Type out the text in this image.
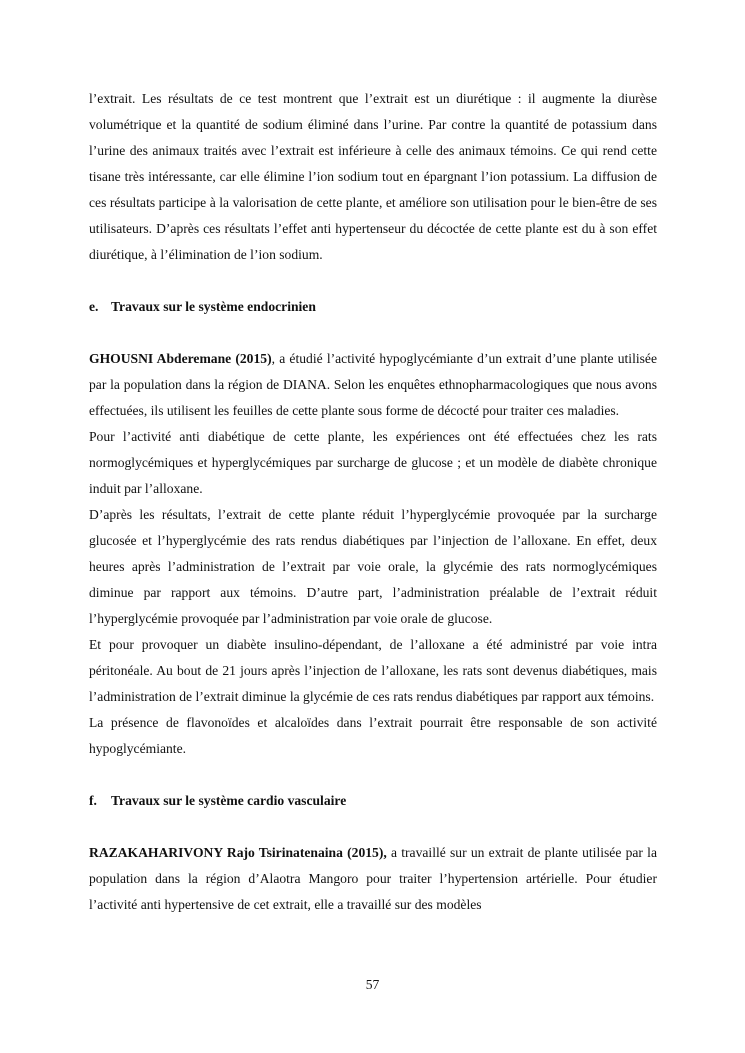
l’extrait. Les résultats de ce test montrent que l’extrait est un diurétique : il augmente la diurèse volumétrique et la quantité de sodium éliminé dans l’urine. Par contre la quantité de potassium dans l’urine des animaux traités avec l’extrait est inférieure à celle des animaux témoins. Ce qui rend cette tisane très intéressante, car elle élimine l’ion sodium tout en épargnant l’ion potassium. La diffusion de ces résultats participe à la valorisation de cette plante, et améliore son utilisation pour le bien-être de ses utilisateurs. D’après ces résultats l’effet anti hypertenseur du décoctée de cette plante est du à son effet diurétique, à l’élimination de l’ion sodium.

e. Travaux sur le système endocrinien

GHOUSNI Abderemane (2015), a étudié l’activité hypoglycémiante d’un extrait d’une plante utilisée par la population dans la région de DIANA. Selon les enquêtes ethnopharmacologiques que nous avons effectuées, ils utilisent les feuilles de cette plante sous forme de décocté pour traiter ces maladies.

Pour l’activité anti diabétique de cette plante, les expériences ont été effectuées chez les rats normoglycémiques et hyperglycémiques par surcharge de glucose ; et un modèle de diabète chronique induit par l’alloxane.

D’après les résultats, l’extrait de cette plante réduit l’hyperglycémie provoquée par la surcharge glucosée et l’hyperglycémie des rats rendus diabétiques par l’injection de l’alloxane. En effet, deux heures après l’administration de l’extrait par voie orale, la glycémie des rats normoglycémiques diminue par rapport aux témoins. D’autre part, l’administration préalable de l’extrait réduit l’hyperglycémie provoquée par l’administration par voie orale de glucose.

Et pour provoquer un diabète insulino-dépendant, de l’alloxane a été administré par voie intra péritonéale. Au bout de 21 jours après l’injection de l’alloxane, les rats sont devenus diabétiques, mais l’administration de l’extrait diminue la glycémie de ces rats rendus diabétiques par rapport aux témoins.

La présence de flavonoïdes et alcaloïdes dans l’extrait pourrait être responsable de son activité hypoglycémiante.

f. Travaux sur le système cardio vasculaire

RAZAKAHARIVONY Rajo Tsirinatenaina (2015), a travaillé sur un extrait de plante utilisée par la population dans la région d’Alaotra Mangoro pour traiter l’hypertension artérielle. Pour étudier l’activité anti hypertensive de cet extrait, elle a travaillé sur des modèles

57
